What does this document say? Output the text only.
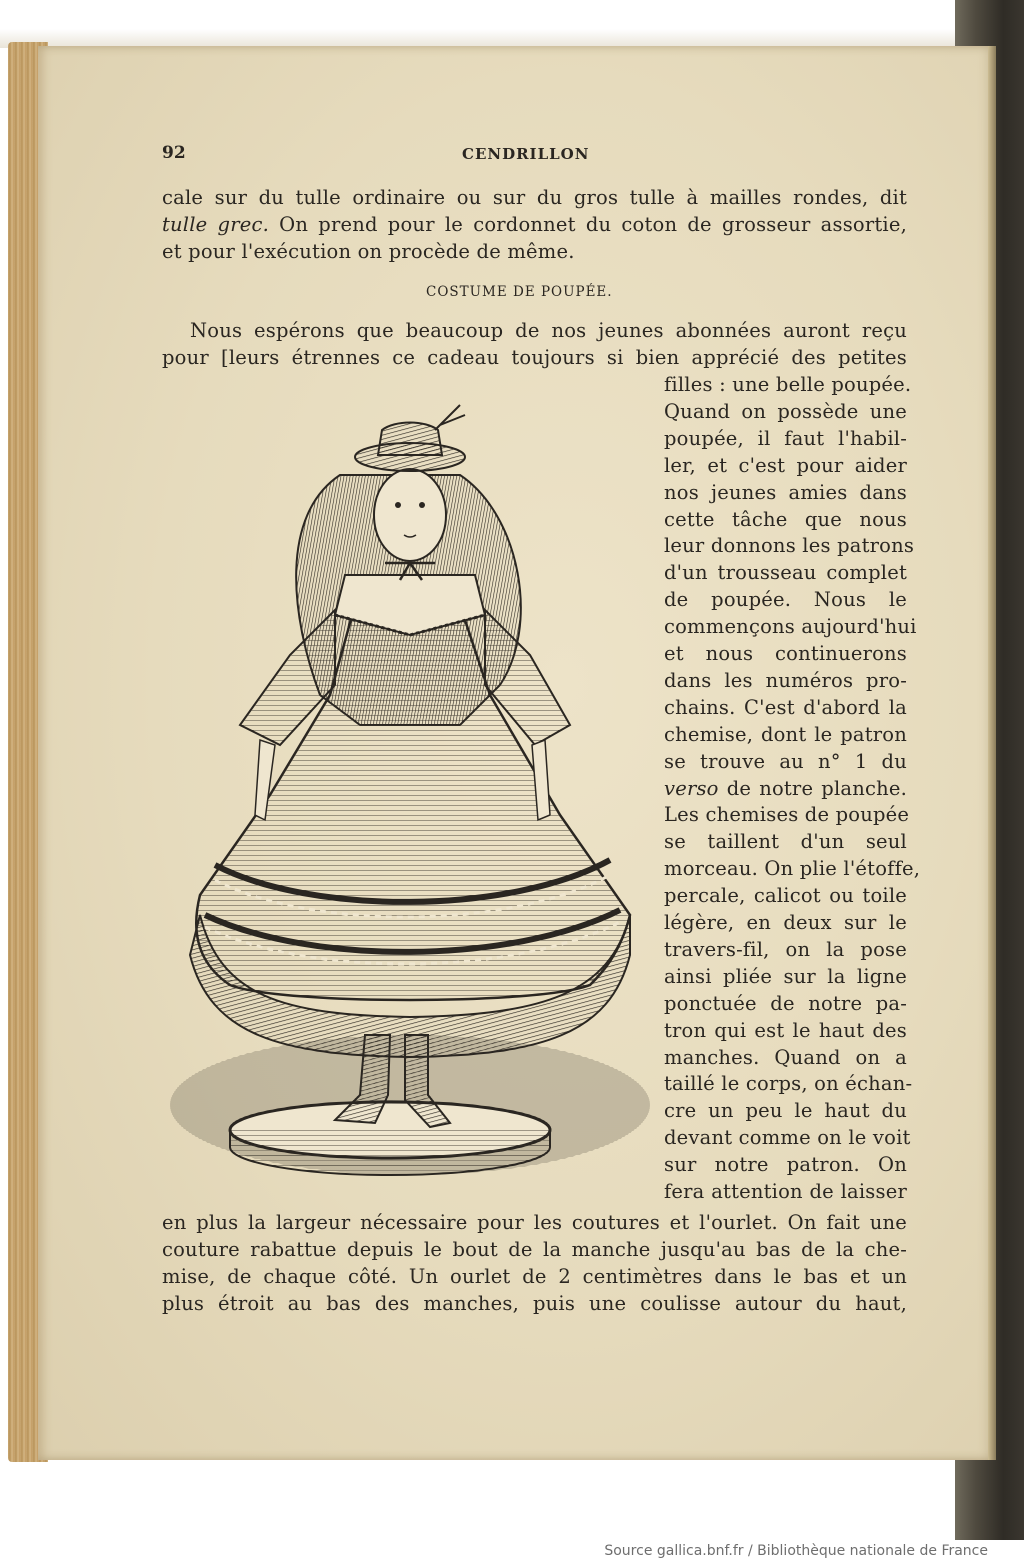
92	CENDRILLON
cale sur du tulle ordinaire ou sur du gros tulle à mailles rondes, dit
tulle grec. On prend pour le cordonnet du coton de grosseur assortie,
et pour l'exécution on procède de même.
COSTUME DE POUPÉE.
Nous espérons que beaucoup de nos jeunes abonnées auront reçu
pour [leurs étrennes ce cadeau toujours si bien apprécié des petites
en plus la largeur nécessaire pour les coutures et l'ourlet. On fait une
couture rabattue depuis le bout de la manche jusqu'au bas de la che-
mise, de chaque côté. Un ourlet de 2 centimètres dans le bas et un
plus étroit au bas des manches, puis une coulisse autour du haut,
Source gallica.bnf.fr / Bibliothèque nationale de France
filles : une belle poupée.
Quand on possède une
poupée, il faut l'habil-
ler, et c'est pour aider
nos jeunes amies dans
cette tâche que nous
leur donnons les patrons
d'un trousseau complet
de poupée. Nous le
commençons aujourd'hui
et nous continuerons
dans les numéros pro-
chains. C'est d'abord la
chemise, dont le patron
se trouve au n° 1 du
verso de notre planche.
Les chemises de poupée
se taillent d'un seul
morceau. On plie l'étoffe,
percale, calicot ou toile
légère, en deux sur le
travers-fil, on la pose
ainsi pliée sur la ligne
ponctuée de notre pa-
tron qui est le haut des
manches. Quand on a
taillé le corps, on échan-
cre un peu le haut du
devant comme on le voit
sur notre patron. On
fera attention de laisser
